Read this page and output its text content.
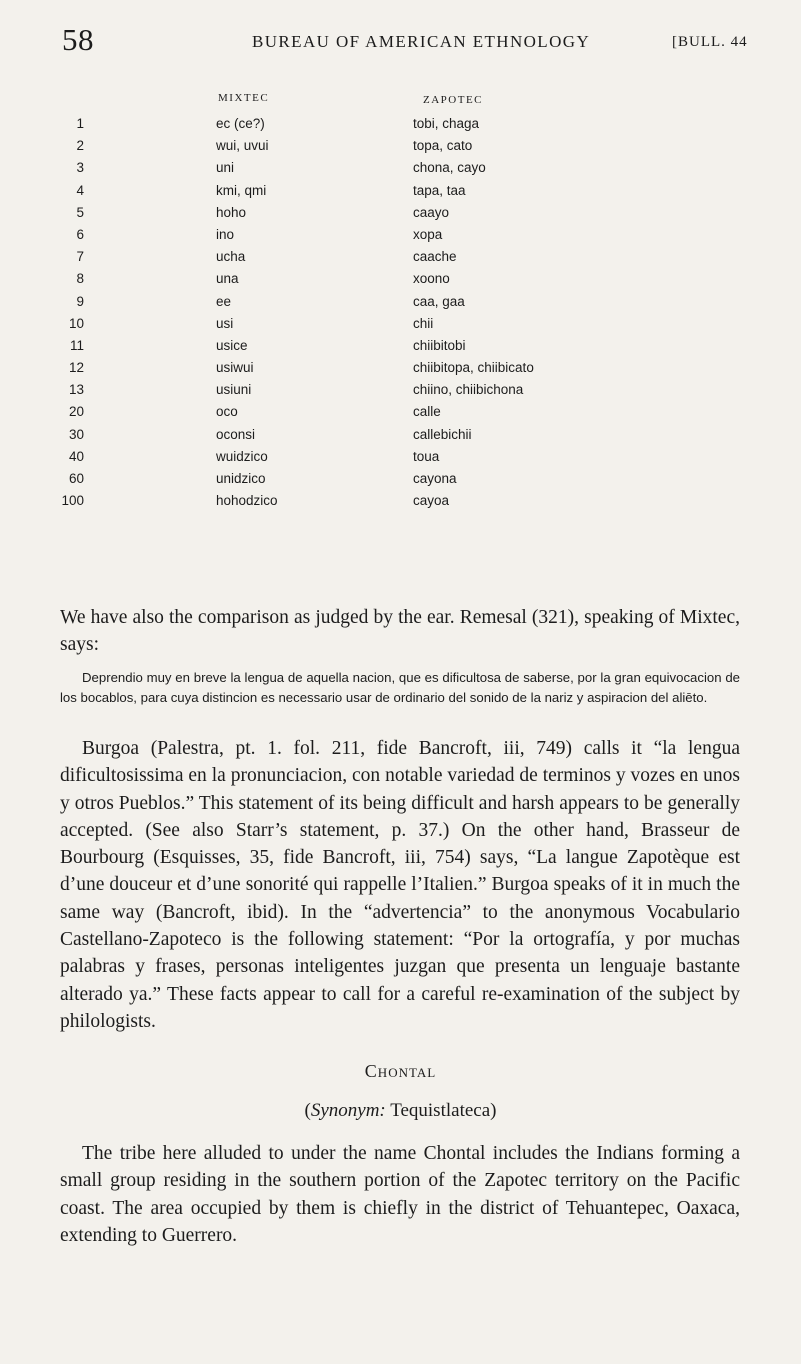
58	BUREAU OF AMERICAN ETHNOLOGY	[BULL. 44
MIXTEC	ZAPOTEC
1	ec (ce?)	tobi, chaga
2	wui, uvui	topa, cato
3	uni	chona, cayo
4	kmi, qmi	tapa, taa
5	hoho	caayo
6	ino	xopa
7	ucha	caache
8	una	xoono
9	ee	caa, gaa
10	usi	chii
11	usice	chiibitobi
12	usiwui	chiibitopa, chiibicato
13	usiuni	chiino, chiibichona
20	oco	calle
30	oconsi	callebichii
40	wuidzico	toua
60	unidzico	cayona
100	hohodzico	cayoa
We have also the comparison as judged by the ear. Remesal (321), speaking of Mixtec, says:
Deprendio muy en breve la lengua de aquella nacion, que es dificultosa de saberse, por la gran equivocacion de los bocablos, para cuya distincion es necessario usar de ordinario del sonido de la nariz y aspiracion del aliēto.
Burgoa (Palestra, pt. 1. fol. 211, fide Bancroft, iii, 749) calls it “la lengua dificultosissima en la pronunciacion, con notable variedad de terminos y vozes en unos y otros Pueblos.” This statement of its being difficult and harsh appears to be generally accepted. (See also Starr’s statement, p. 37.) On the other hand, Brasseur de Bourbourg (Esquisses, 35, fide Bancroft, iii, 754) says, “La langue Zapotèque est d’une douceur et d’une sonorité qui rappelle l’Italien.” Burgoa speaks of it in much the same way (Bancroft, ibid). In the “advertencia” to the anonymous Vocabulario Castellano-Zapoteco is the following statement: “Por la ortografía, y por muchas palabras y frases, personas inteligentes juzgan que presenta un lenguaje bastante alterado ya.” These facts appear to call for a careful re-examination of the subject by philologists.
Chontal
(Synonym: Tequistlateca)
The tribe here alluded to under the name Chontal includes the Indians forming a small group residing in the southern portion of the Zapotec territory on the Pacific coast. The area occupied by them is chiefly in the district of Tehuantepec, Oaxaca, extending to Guerrero.
